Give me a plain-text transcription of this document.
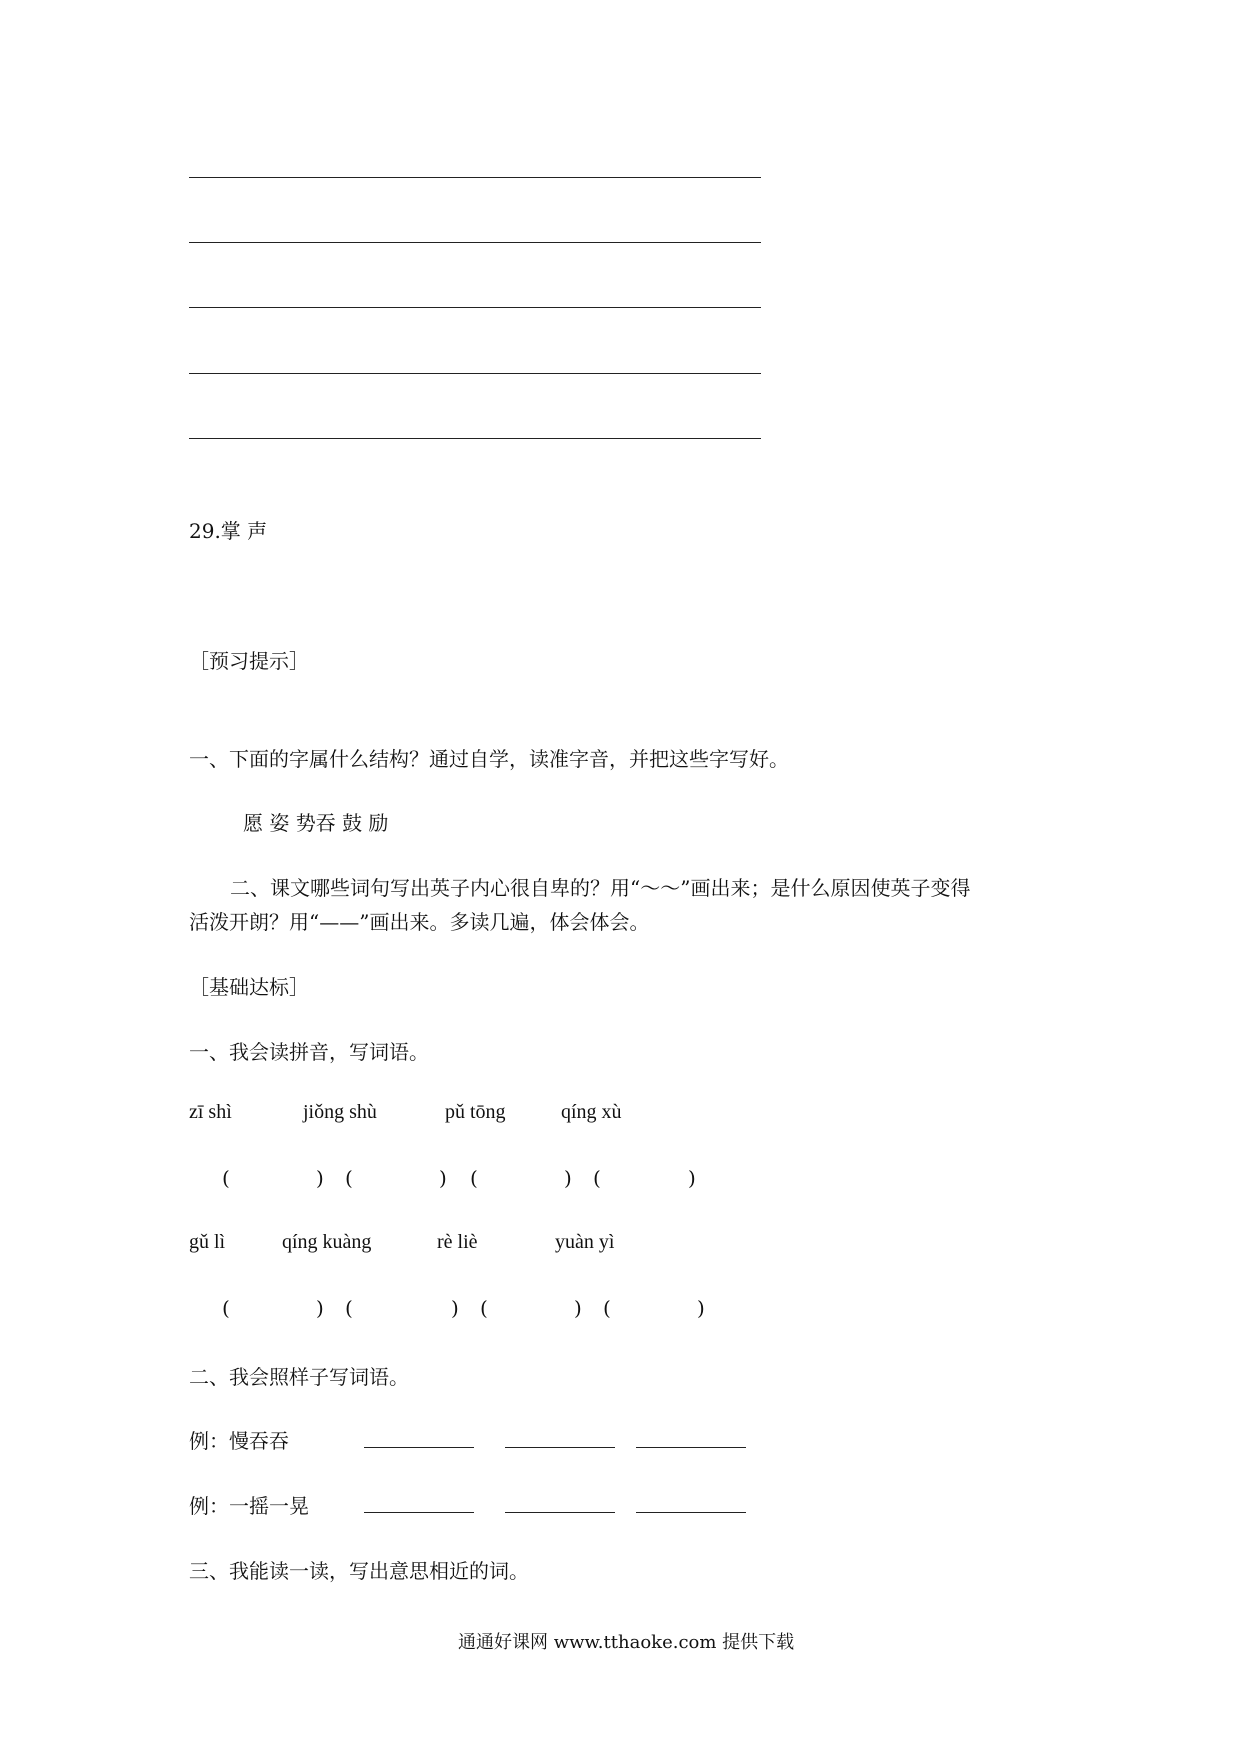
29.掌 声
［预习提示］
一、下面的字属什么结构？通过自学，读准字音，并把这些字写好。
愿 姿 势吞 鼓 励
二、课文哪些词句写出英子内心很自卑的？用“～～”画出来；是什么原因使英子变得
活泼开朗？用“——”画出来。多读几遍，体会体会。
［基础达标］
一、我会读拼音，写词语。
zī shì	jiǒng shù	pǔ tōng	qíng xù
(	) (	) (	) (	)
gǔ lì	qíng kuàng	rè liè	yuàn yì
(	) (	) (	) (	)
二、我会照样子写词语。
例：慢吞吞
例：一摇一晃
三、我能读一读，写出意思相近的词。
通通好课网 www.tthaoke.com 提供下载
